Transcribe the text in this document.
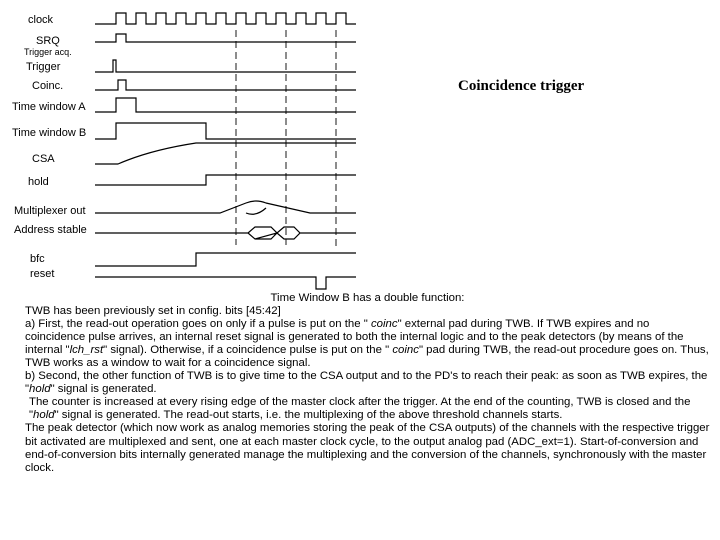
clock
SRQ
Trigger acq.
Trigger
Coinc.
Time window A
Time window B
CSA
hold
Multiplexer out
Address stable
bfc
reset
Coincidence trigger

Time Window B has a double function:

TWB has been previously set in config. bits [45:42]

a) First, the read-out operation goes on only if a pulse is put on the " coinc" external pad during TWB. If TWB expires and no coincidence pulse arrives, an internal reset signal is generated to both the internal logic and to the peak detectors (by means of the internal "lch_rst" signal). Otherwise, if a coincidence pulse is put on the " coinc" pad during TWB, the read-out procedure goes on. Thus, TWB works as a window to wait for a coincidence signal.

b) Second, the other function of TWB is to give time to the CSA output and to the PD's to reach their peak: as soon as TWB expires, the "hold" signal is generated.

The counter is increased at every rising edge of the master clock after the trigger. At the end of the counting, TWB is closed and the "hold" signal is generated. The read-out starts, i.e. the multiplexing of the above threshold channels starts.

The peak detector (which now work as analog memories storing the peak of the CSA outputs) of the channels with the respective trigger bit activated are multiplexed and sent, one at each master clock cycle, to the output analog pad (ADC_ext=1). Start-of-conversion and end-of-conversion bits internally generated manage the multiplexing and the conversion of the channels, synchronously with the master clock.
